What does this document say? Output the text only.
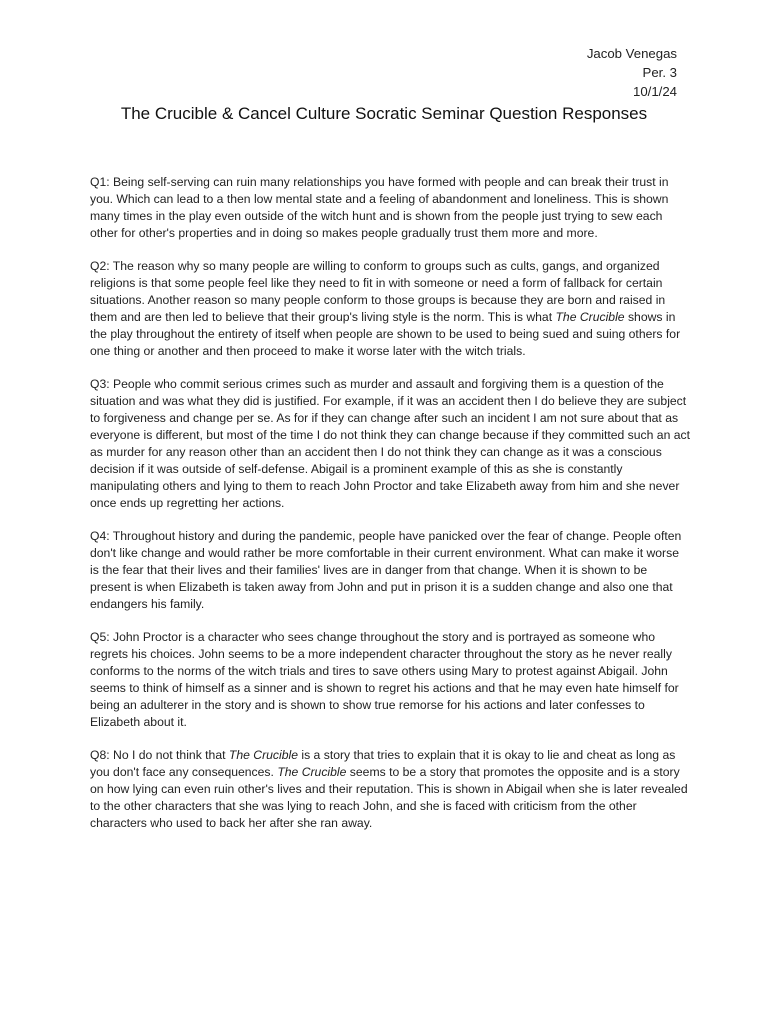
Jacob Venegas
Per. 3
10/1/24
The Crucible & Cancel Culture Socratic Seminar Question Responses

Q1: Being self-serving can ruin many relationships you have formed with people and can break their trust in you. Which can lead to a then low mental state and a feeling of abandonment and loneliness. This is shown many times in the play even outside of the witch hunt and is shown from the people just trying to sew each other for other's properties and in doing so makes people gradually trust them more and more.

Q2: The reason why so many people are willing to conform to groups such as cults, gangs, and organized religions is that some people feel like they need to fit in with someone or need a form of fallback for certain situations. Another reason so many people conform to those groups is because they are born and raised in them and are then led to believe that their group's living style is the norm. This is what The Crucible shows in the play throughout the entirety of itself when people are shown to be used to being sued and suing others for one thing or another and then proceed to make it worse later with the witch trials.

Q3: People who commit serious crimes such as murder and assault and forgiving them is a question of the situation and was what they did is justified. For example, if it was an accident then I do believe they are subject to forgiveness and change per se. As for if they can change after such an incident I am not sure about that as everyone is different, but most of the time I do not think they can change because if they committed such an act as murder for any reason other than an accident then I do not think they can change as it was a conscious decision if it was outside of self-defense. Abigail is a prominent example of this as she is constantly manipulating others and lying to them to reach John Proctor and take Elizabeth away from him and she never once ends up regretting her actions.

Q4: Throughout history and during the pandemic, people have panicked over the fear of change. People often don't like change and would rather be more comfortable in their current environment. What can make it worse is the fear that their lives and their families' lives are in danger from that change. When it is shown to be present is when Elizabeth is taken away from John and put in prison it is a sudden change and also one that endangers his family.

Q5: John Proctor is a character who sees change throughout the story and is portrayed as someone who regrets his choices. John seems to be a more independent character throughout the story as he never really conforms to the norms of the witch trials and tires to save others using Mary to protest against Abigail. John seems to think of himself as a sinner and is shown to regret his actions and that he may even hate himself for being an adulterer in the story and is shown to show true remorse for his actions and later confesses to Elizabeth about it.

Q8: No I do not think that The Crucible is a story that tries to explain that it is okay to lie and cheat as long as you don't face any consequences. The Crucible seems to be a story that promotes the opposite and is a story on how lying can even ruin other's lives and their reputation. This is shown in Abigail when she is later revealed to the other characters that she was lying to reach John, and she is faced with criticism from the other characters who used to back her after she ran away.
